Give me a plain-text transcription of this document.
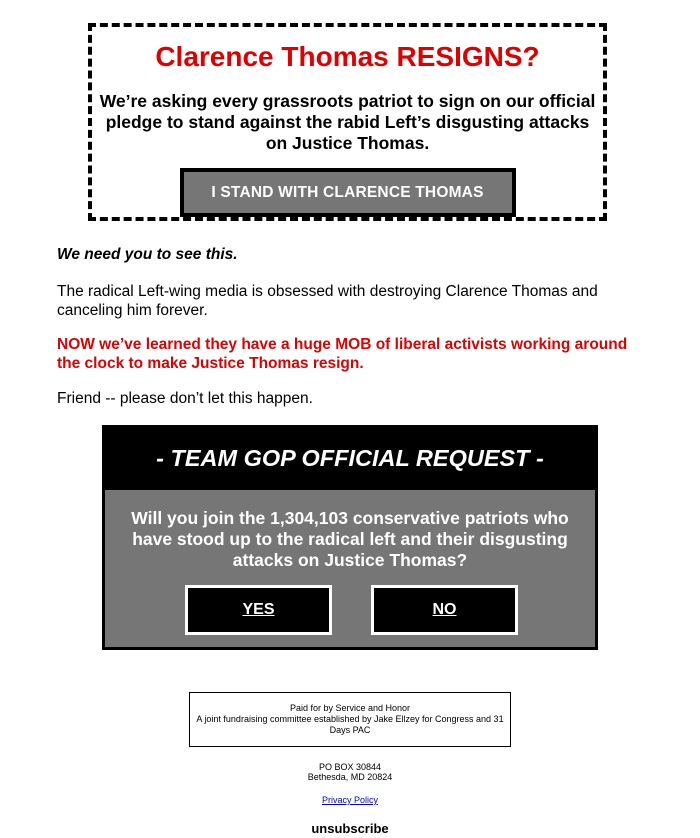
Clarence Thomas RESIGNS?

We’re asking every grassroots patriot to sign on our official pledge to stand against the rabid Left’s disgusting attacks on Justice Thomas.

I STAND WITH CLARENCE THOMAS
We need you to see this.
The radical Left-wing media is obsessed with destroying Clarence Thomas and canceling him forever.
NOW we’ve learned they have a huge MOB of liberal activists working around the clock to make Justice Thomas resign.
Friend -- please don’t let this happen.
- TEAM GOP OFFICIAL REQUEST -
Will you join the 1,304,103 conservative patriots who have stood up to the radical left and their disgusting attacks on Justice Thomas?
YES	NO
Paid for by Service and Honor
A joint fundraising committee established by Jake Ellzey for Congress and 31 Days PAC
PO BOX 30844
Bethesda, MD 20824
Privacy Policy
unsubscribe
